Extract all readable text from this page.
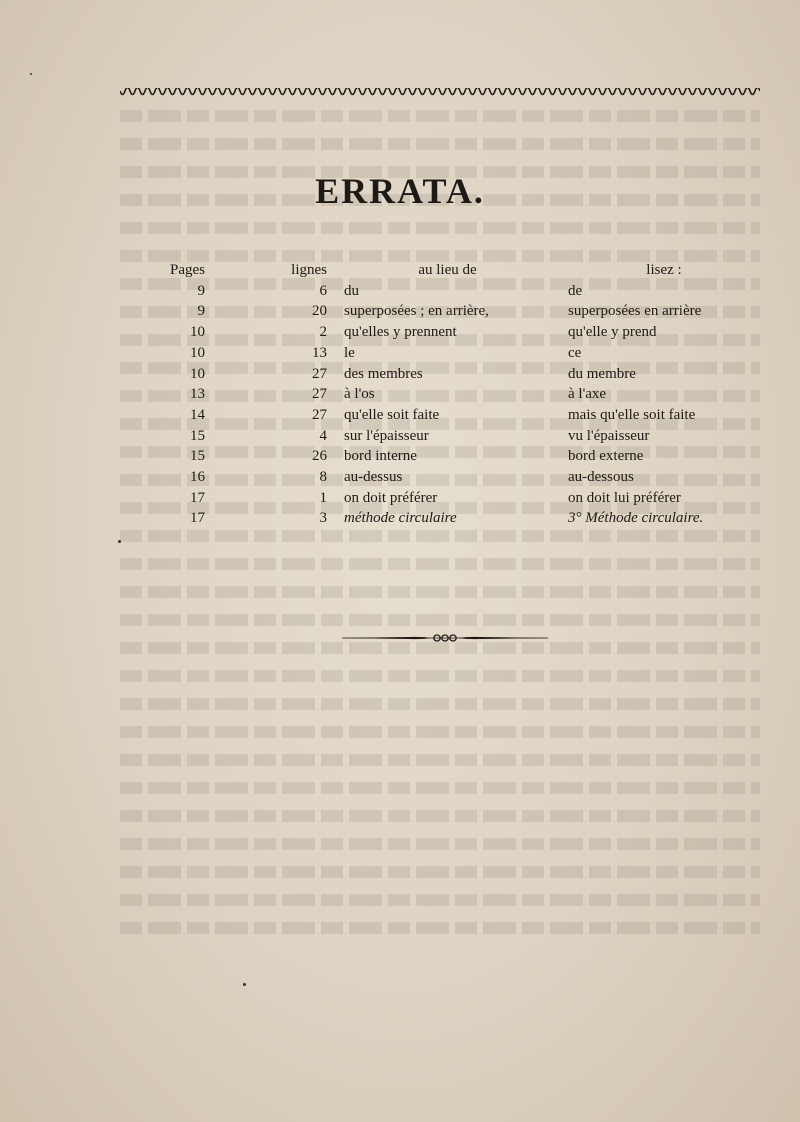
ERRATA.
Pages	lignes	au lieu de	lisez :
9	6	du	de
9	20	superposées ; en arrière,	superposées en arrière
10	2	qu'elles y prennent	qu'elle y prend
10	13	le	ce
10	27	des membres	du membre
13	27	à l'os	à l'axe
14	27	qu'elle soit faite	mais qu'elle soit faite
15	4	sur l'épaisseur	vu l'épaisseur
15	26	bord interne	bord externe
16	8	au-dessus	au-dessous
17	1	on doit préférer	on doit lui préférer
17	3	méthode circulaire	3° Méthode circulaire.
